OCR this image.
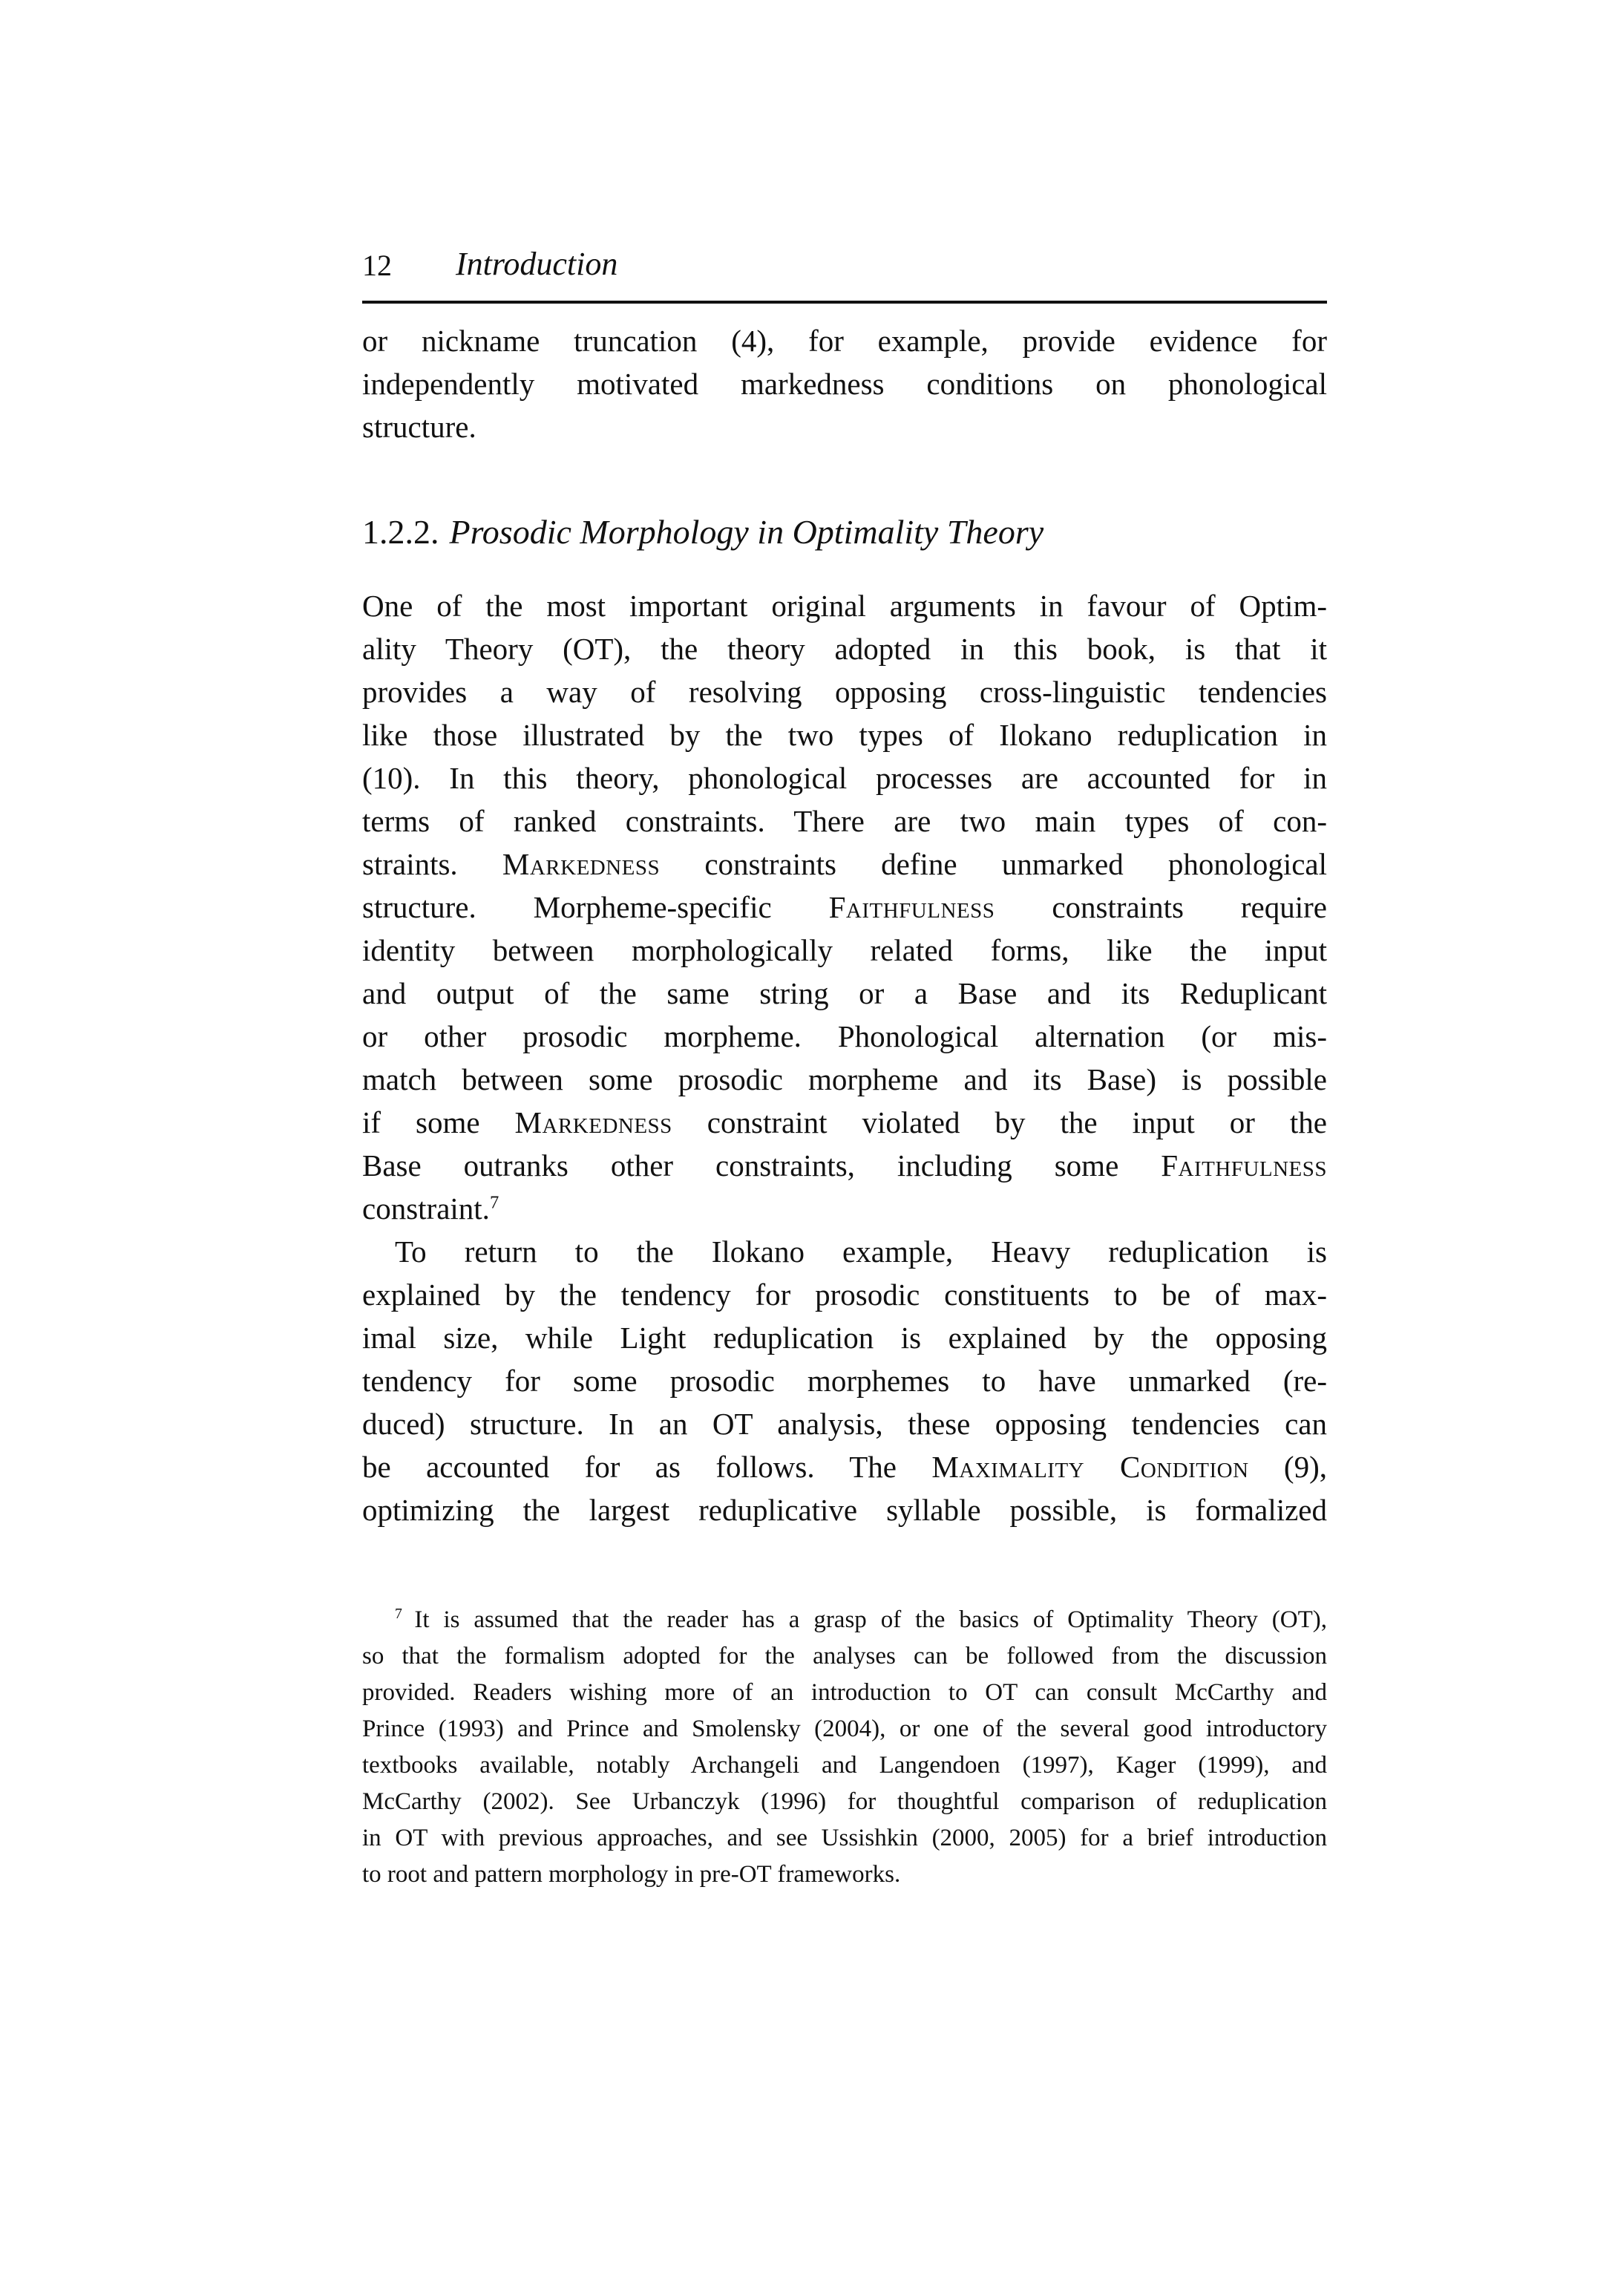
12 Introduction
or nickname truncation (4), for example, provide evidence for
independently motivated markedness conditions on phonological
structure.
1.2.2. Prosodic Morphology in Optimality Theory
One of the most important original arguments in favour of Optim-
ality Theory (OT), the theory adopted in this book, is that it
provides a way of resolving opposing cross-linguistic tendencies
like those illustrated by the two types of Ilokano reduplication in
(10). In this theory, phonological processes are accounted for in
terms of ranked constraints. There are two main types of con-
straints. Markedness constraints define unmarked phonological
structure. Morpheme-specific Faithfulness constraints require
identity between morphologically related forms, like the input
and output of the same string or a Base and its Reduplicant
or other prosodic morpheme. Phonological alternation (or mis-
match between some prosodic morpheme and its Base) is possible
if some Markedness constraint violated by the input or the
Base outranks other constraints, including some Faithfulness
constraint.$^7$
To return to the Ilokano example, Heavy reduplication is
explained by the tendency for prosodic constituents to be of max-
imal size, while Light reduplication is explained by the opposing
tendency for some prosodic morphemes to have unmarked (re-
duced) structure. In an OT analysis, these opposing tendencies can
be accounted for as follows. The Maximality Condition (9),
optimizing the largest reduplicative syllable possible, is formalized
$^7$ It is assumed that the reader has a grasp of the basics of Optimality Theory (OT),
so that the formalism adopted for the analyses can be followed from the discussion
provided. Readers wishing more of an introduction to OT can consult McCarthy and
Prince (1993) and Prince and Smolensky (2004), or one of the several good introductory
textbooks available, notably Archangeli and Langendoen (1997), Kager (1999), and
McCarthy (2002). See Urbanczyk (1996) for thoughtful comparison of reduplication
in OT with previous approaches, and see Ussishkin (2000, 2005) for a brief introduction
to root and pattern morphology in pre-OT frameworks.
